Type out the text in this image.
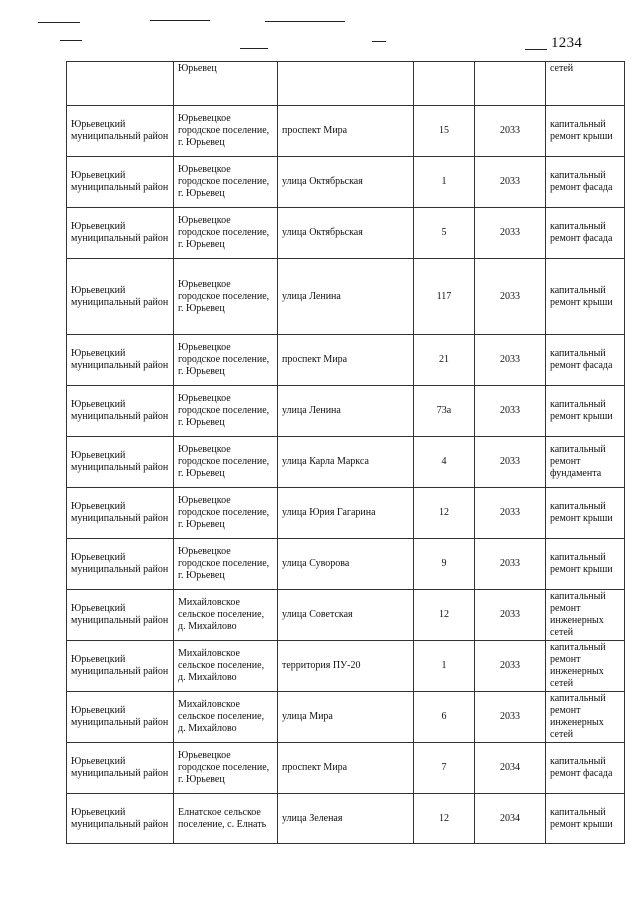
1234
	Юрьевец				сетей
Юрьевецкий муниципальный район	Юрьевецкое городское поселение, г. Юрьевец	проспект Мира	15	2033	капитальный ремонт крыши
Юрьевецкий муниципальный район	Юрьевецкое городское поселение, г. Юрьевец	улица Октябрьская	1	2033	капитальный ремонт фасада
Юрьевецкий муниципальный район	Юрьевецкое городское поселение, г. Юрьевец	улица Октябрьская	5	2033	капитальный ремонт фасада
Юрьевецкий муниципальный район	Юрьевецкое городское поселение, г. Юрьевец	улица Ленина	117	2033	капитальный ремонт крыши
Юрьевецкий муниципальный район	Юрьевецкое городское поселение, г. Юрьевец	проспект Мира	21	2033	капитальный ремонт фасада
Юрьевецкий муниципальный район	Юрьевецкое городское поселение, г. Юрьевец	улица Ленина	73а	2033	капитальный ремонт крыши
Юрьевецкий муниципальный район	Юрьевецкое городское поселение, г. Юрьевец	улица Карла Маркса	4	2033	капитальный ремонт фундамента
Юрьевецкий муниципальный район	Юрьевецкое городское поселение, г. Юрьевец	улица Юрия Гагарина	12	2033	капитальный ремонт крыши
Юрьевецкий муниципальный район	Юрьевецкое городское поселение, г. Юрьевец	улица Суворова	9	2033	капитальный ремонт крыши
Юрьевецкий муниципальный район	Михайловское сельское поселение, д. Михайлово	улица Советская	12	2033	капитальный ремонт инженерных сетей
Юрьевецкий муниципальный район	Михайловское сельское поселение, д. Михайлово	территория ПУ-20	1	2033	капитальный ремонт инженерных сетей
Юрьевецкий муниципальный район	Михайловское сельское поселение, д. Михайлово	улица Мира	6	2033	капитальный ремонт инженерных сетей
Юрьевецкий муниципальный район	Юрьевецкое городское поселение, г. Юрьевец	проспект Мира	7	2034	капитальный ремонт фасада
Юрьевецкий муниципальный район	Елнатское сельское поселение, с. Елнать	улица Зеленая	12	2034	капитальный ремонт крыши
